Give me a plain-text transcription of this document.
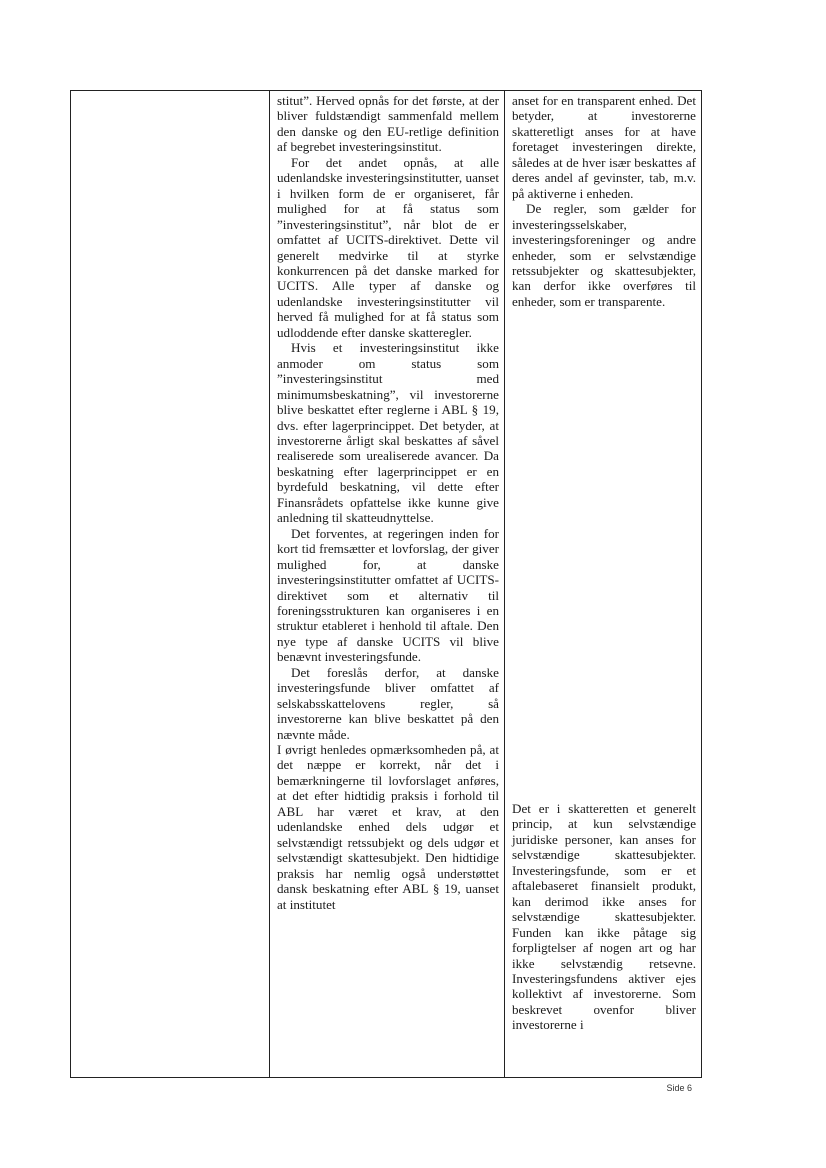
stitut”. Herved opnås for det første, at der bliver fuldstændigt sammenfald mellem den danske og den EU-retlige definition af begrebet investeringsinstitut.

For det andet opnås, at alle udenlandske investeringsinstitutter, uanset i hvilken form de er organiseret, får mulighed for at få status som ”investeringsinstitut”, når blot de er omfattet af UCITS-direktivet. Dette vil generelt medvirke til at styrke konkurrencen på det danske marked for UCITS. Alle typer af danske og udenlandske investeringsinstitutter vil herved få mulighed for at få status som udloddende efter danske skatteregler.

Hvis et investeringsinstitut ikke anmoder om status som ”investeringsinstitut med minimumsbeskatning”, vil investorerne blive beskattet efter reglerne i ABL § 19, dvs. efter lagerprincippet. Det betyder, at investorerne årligt skal beskattes af såvel realiserede som urealiserede avancer. Da beskatning efter lagerprincippet er en byrdefuld beskatning, vil dette efter Finansrådets opfattelse ikke kunne give anledning til skatteudnyttelse.

Det forventes, at regeringen inden for kort tid fremsætter et lovforslag, der giver mulighed for, at danske investeringsinstitutter omfattet af UCITS-direktivet som et alternativ til foreningsstrukturen kan organiseres i en struktur etableret i henhold til aftale. Den nye type af danske UCITS vil blive benævnt investeringsfunde.

Det foreslås derfor, at danske investeringsfunde bliver omfattet af selskabsskattelovens regler, så investorerne kan blive beskattet på den nævnte måde.

I øvrigt henledes opmærksomheden på, at det næppe er korrekt, når det i bemærkningerne til lovforslaget anføres, at det efter hidtidig praksis i forhold til ABL har været et krav, at den udenlandske enhed dels udgør et selvstændigt retssubjekt og dels udgør et selvstændigt skattesubjekt. Den hidtidige praksis har nemlig også understøttet dansk beskatning efter ABL § 19, uanset at institutet

anset for en transparent enhed. Det betyder, at investorerne skatteretligt anses for at have foretaget investeringen direkte, således at de hver især beskattes af deres andel af gevinster, tab, m.v. på aktiverne i enheden.

De regler, som gælder for investeringsselskaber, investeringsforeninger og andre enheder, som er selvstændige retssubjekter og skattesubjekter, kan derfor ikke overføres til enheder, som er transparente.

Det er i skatteretten et generelt princip, at kun selvstændige juridiske personer, kan anses for selvstændige skattesubjekter. Investeringsfunde, som er et aftalebaseret finansielt produkt, kan derimod ikke anses for selvstændige skattesubjekter. Funden kan ikke påtage sig forpligtelser af nogen art og har ikke selvstændig retsevne. Investeringsfundens aktiver ejes kollektivt af investorerne. Som beskrevet ovenfor bliver investorerne i

Side 6
